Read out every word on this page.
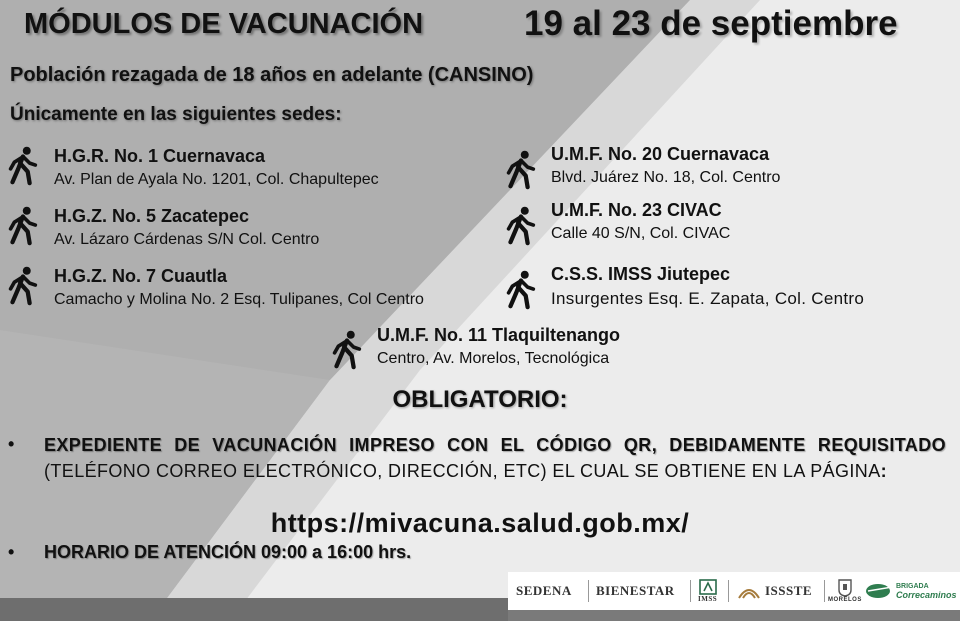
MÓDULOS DE VACUNACIÓN	19 al 23 de septiembre
Población rezagada de 18 años en adelante (CANSINO)
Únicamente en las siguientes sedes:
H.G.R. No. 1 Cuernavaca
Av. Plan de Ayala No. 1201, Col. Chapultepec
H.G.Z. No. 5 Zacatepec
Av. Lázaro Cárdenas S/N Col. Centro
H.G.Z. No. 7 Cuautla
Camacho y Molina No. 2 Esq. Tulipanes, Col Centro
U.M.F. No. 20 Cuernavaca
Blvd. Juárez No. 18, Col. Centro
U.M.F. No. 23 CIVAC
Calle 40 S/N, Col. CIVAC
C.S.S. IMSS Jiutepec
Insurgentes Esq. E. Zapata, Col. Centro
U.M.F. No. 11 Tlaquiltenango
Centro, Av. Morelos, Tecnológica
OBLIGATORIO:
• EXPEDIENTE DE VACUNACIÓN IMPRESO CON EL CÓDIGO QR, DEBIDAMENTE REQUISITADO (TELÉFONO CORREO ELECTRÓNICO, DIRECCIÓN, ETC) EL CUAL SE OBTIENE EN LA PÁGINA:
https://mivacuna.salud.gob.mx/
• HORARIO DE ATENCIÓN 09:00 a 16:00 hrs.
SEDENA BIENESTAR
IMSS
ISSSTE
MORELOS
BRIGADA
Correcaminos
